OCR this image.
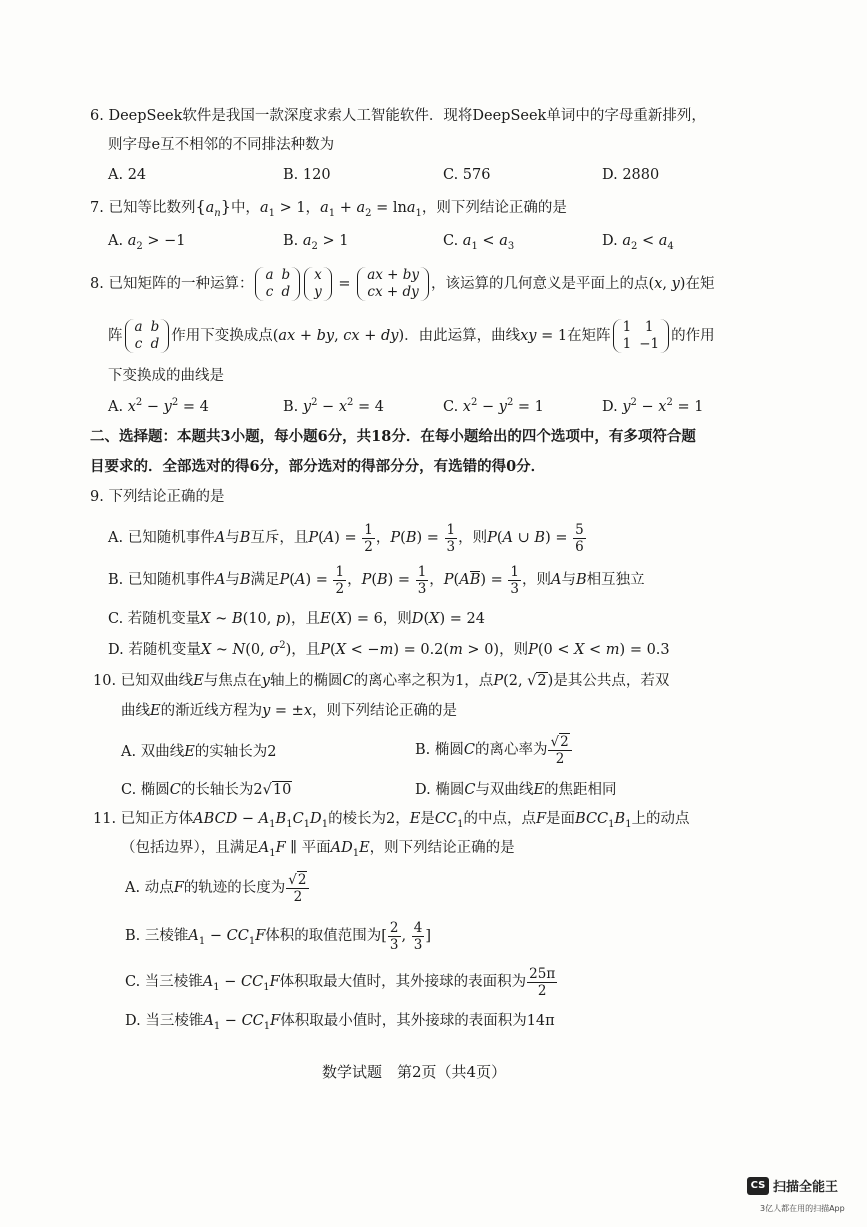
6. DeepSeek软件是我国一款深度求索人工智能软件．现将DeepSeek单词中的字母重新排列，
则字母e互不相邻的不同排法种数为
A. 24	B. 120	C. 576	D. 2880
7. 已知等比数列$\{a_n\}$中，$a_1 > 1$，$a_1 + a_2 = \ln a_1$，则下列结论正确的是
A. $a_2 > -1$	B. $a_2 > 1$	C. $a_1 < a_3$	D. $a_2 < a_4$
8. 已知矩阵的一种运算：
a	b
c	d
x
y =
ax + by
cx + dy ，该运算的几何意义是平面上的点(x, y)在矩
阵
a	b
c	d 作用下变换成点(ax + by, cx + dy)．由此运算，曲线xy = 1在矩阵
1	1
1	−1 的作用
下变换成的曲线是
A. $x^2 - y^2 = 4$	B. $y^2 - x^2 = 4$	C. $x^2 - y^2 = 1$	D. $y^2 - x^2 = 1$
二、选择题：本题共3小题，每小题6分，共18分．在每小题给出的四个选项中，有多项符合题
目要求的．全部选对的得6分，部分选对的得部分分，有选错的得0分．
9. 下列结论正确的是
A. 已知随机事件A与B互斥，且$P(A) = \frac{1}{2}$ ，$P(B) = \frac{1}{3}$ ，则P(A ∪ $B) = \frac{5}{6}$
B. 已知随机事件A与B满足$P(A) = \frac{1}{2}$ ，$P(B) = \frac{1}{3}$ ，$P(AB) = \frac{1}{3}$ ，则A与B相互独立
C. 若随机变量X ~ B(10, p)，且E(X) = 6，则D(X) = 24
D. 若随机变量X ~ N(0, $\sigma^2$)，且P(X < −m) = 0.2(m > 0)，则P(0 < X < m) = 0.3
10. 已知双曲线E与焦点在y轴上的椭圆C的离心率之积为1，点P(2, √2)是其公共点，若双
曲线E的渐近线方程为y = ±x，则下列结论正确的是
A. 双曲线E的实轴长为2	B. 椭圆C的离心率为 $\frac{√2}{2}$
C. 椭圆C的长轴长为2√10	D. 椭圆C与双曲线E的焦距相同
11. 已知正方体ABCD − $A_1B_1C_1D_1$的棱长为2，E是$CC_1$的中点，点F是面$BCC_1B_1$上的动点
（包括边界），且满足$A_1F$ ∥ 平面$AD_1E$，则下列结论正确的是
A. 动点F的轨迹的长度为 $\frac{√2}{2}$
B. 三棱锥$A_1 - CC_1F$体积的取值范围为[ $\frac{2}{3}$ , $\frac{4}{3}$ ]
C. 当三棱锥$A_1 - CC_1F$体积取最大值时，其外接球的表面积为 $\frac{25\pi}{2}$
D. 当三棱锥$A_1 - CC_1F$体积取最小值时，其外接球的表面积为14π
数学试题　第2页（共4页）
CS 扫描全能王
3亿人都在用的扫描App
